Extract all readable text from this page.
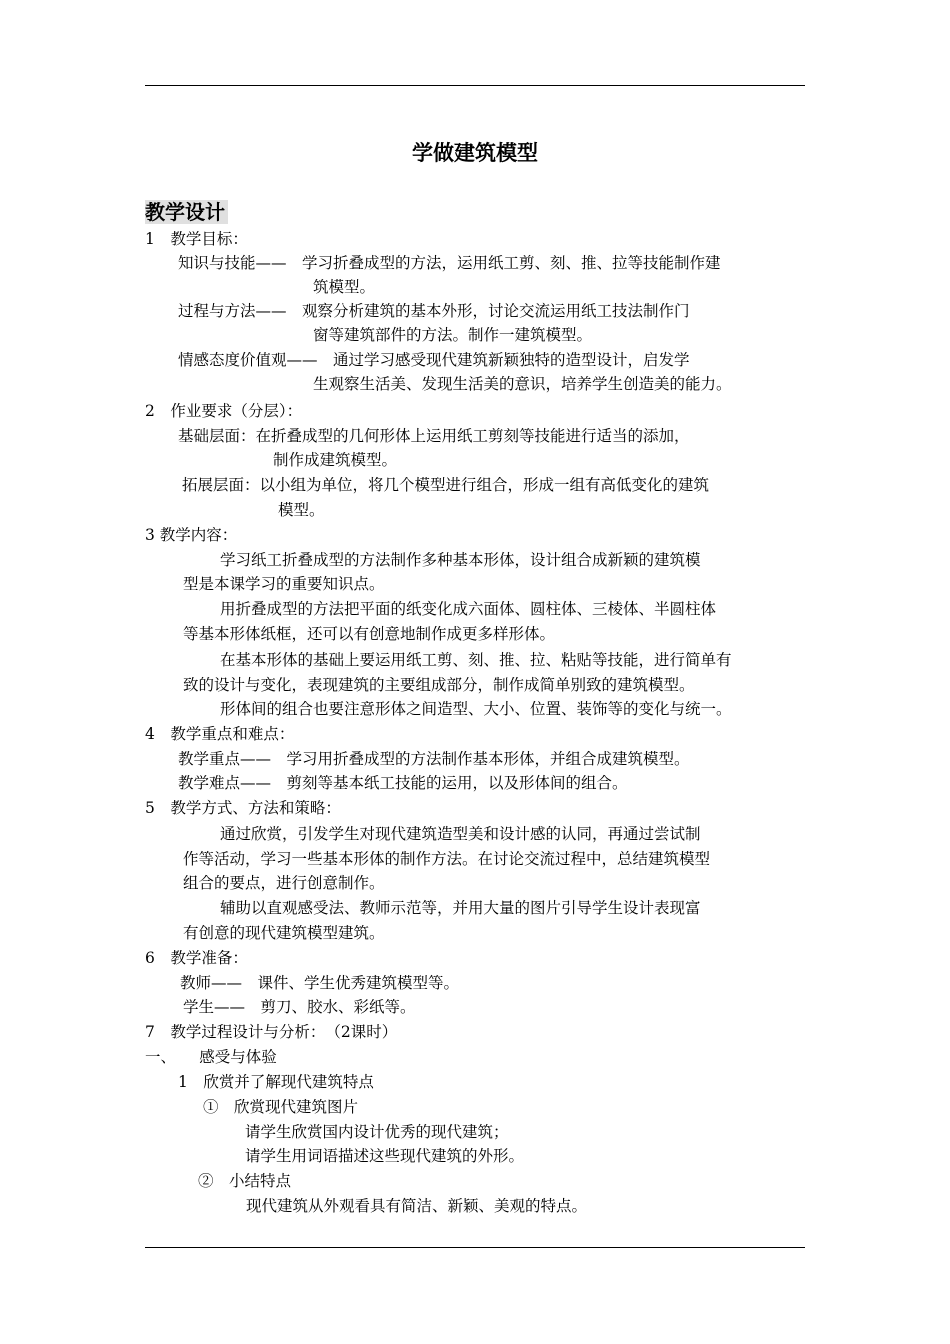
学做建筑模型
教学设计
1　教学目标：
知识与技能——　学习折叠成型的方法，运用纸工剪、刻、推、拉等技能制作建
筑模型。
过程与方法——　观察分析建筑的基本外形，讨论交流运用纸工技法制作门
窗等建筑部件的方法。制作一建筑模型。
情感态度价值观——　通过学习感受现代建筑新颖独特的造型设计，启发学
生观察生活美、发现生活美的意识，培养学生创造美的能力。
2　作业要求（分层）：
基础层面：在折叠成型的几何形体上运用纸工剪刻等技能进行适当的添加，
制作成建筑模型。
拓展层面：以小组为单位，将几个模型进行组合，形成一组有高低变化的建筑
模型。
3 教学内容：
学习纸工折叠成型的方法制作多种基本形体，设计组合成新颖的建筑模
型是本课学习的重要知识点。
用折叠成型的方法把平面的纸变化成六面体、圆柱体、三棱体、半圆柱体
等基本形体纸框，还可以有创意地制作成更多样形体。
在基本形体的基础上要运用纸工剪、刻、推、拉、粘贴等技能，进行简单有
致的设计与变化，表现建筑的主要组成部分，制作成简单别致的建筑模型。
形体间的组合也要注意形体之间造型、大小、位置、装饰等的变化与统一。
4　教学重点和难点：
教学重点——　学习用折叠成型的方法制作基本形体，并组合成建筑模型。
教学难点——　剪刻等基本纸工技能的运用，以及形体间的组合。
5　教学方式、方法和策略：
通过欣赏，引发学生对现代建筑造型美和设计感的认同，再通过尝试制
作等活动，学习一些基本形体的制作方法。在讨论交流过程中，总结建筑模型
组合的要点，进行创意制作。
辅助以直观感受法、教师示范等，并用大量的图片引导学生设计表现富
有创意的现代建筑模型建筑。
6　教学准备：
教师——　课件、学生优秀建筑模型等。
学生——　剪刀、胶水、彩纸等。
7　教学过程设计与分析：　（2课时）
一、　　感受与体验
1　欣赏并了解现代建筑特点
①　欣赏现代建筑图片
请学生欣赏国内设计优秀的现代建筑；
请学生用词语描述这些现代建筑的外形。
②　小结特点
现代建筑从外观看具有简洁、新颖、美观的特点。
